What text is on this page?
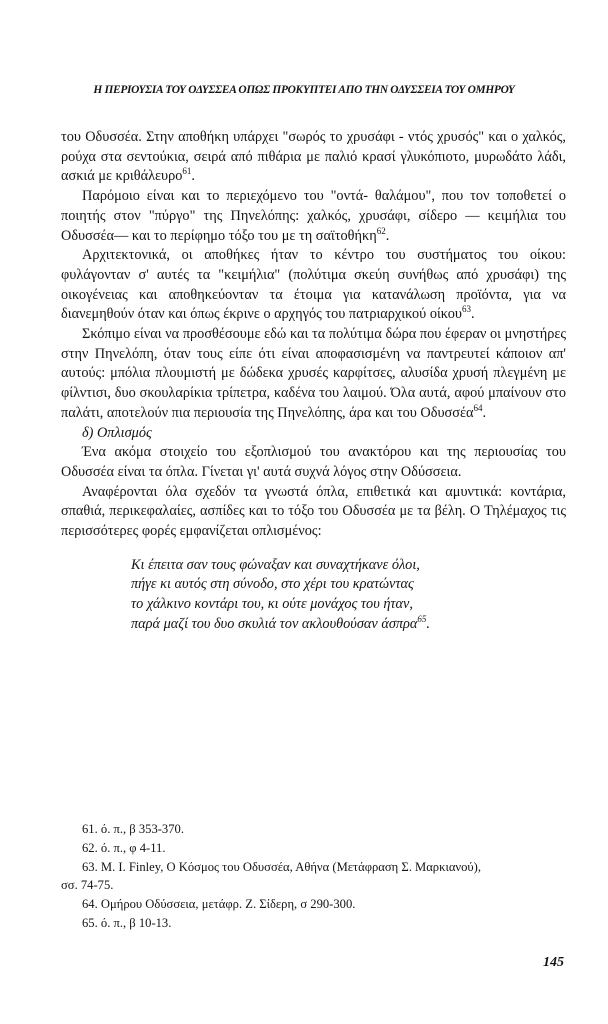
Η ΠΕΡΙΟΥΣΙΑ ΤΟΥ ΟΔΥΣΣΕΑ ΟΠΩΣ ΠΡΟΚΥΠΤΕΙ ΑΠΟ ΤΗΝ ΟΔΥΣΣΕΙΑ ΤΟΥ ΟΜΗΡΟΥ

του Οδυσσέα. Στην αποθήκη υπάρχει "σωρός το χρυσάφι - ντός χρυσός" και ο χαλκός, ρούχα στα σεντούκια, σειρά από πιθάρια με παλιό κρασί γλυκόπιοτο, μυρωδάτο λάδι, ασκιά με κριθάλευρο$^{61}$.

Παρόμοιο είναι και το περιεχόμενο του "οντά- θαλάμου", που τον τοποθετεί ο ποιητής στον "πύργο" της Πηνελόπης: χαλκός, χρυσάφι, σίδερο — κειμήλια του Οδυσσέα— και το περίφημο τόξο του με τη σαϊτοθήκη$^{62}$.

Αρχιτεκτονικά, οι αποθήκες ήταν το κέντρο του συστήματος του οίκου: φυλάγονταν σ' αυτές τα "κειμήλια" (πολύτιμα σκεύη συνήθως από χρυσάφι) της οικογένειας και αποθηκεύονταν τα έτοιμα για κατανάλωση προϊόντα, για να διανεμηθούν όταν και όπως έκρινε ο αρχηγός του πατριαρχικού οίκου$^{63}$.

Σκόπιμο είναι να προσθέσουμε εδώ και τα πολύτιμα δώρα που έφεραν οι μνηστήρες στην Πηνελόπη, όταν τους είπε ότι είναι αποφασισμένη να παντρευτεί κάποιον απ' αυτούς: μπόλια πλουμιστή με δώδεκα χρυσές καρφίτσες, αλυσίδα χρυσή πλεγμένη με φίλντισι, δυο σκουλαρίκια τρίπετρα, καδένα του λαιμού. Όλα αυτά, αφού μπαίνουν στο παλάτι, αποτελούν πια περιουσία της Πηνελόπης, άρα και του Οδυσσέα$^{64}$.

δ) Οπλισμός

Ένα ακόμα στοιχείο του εξοπλισμού του ανακτόρου και της περιουσίας του Οδυσσέα είναι τα όπλα. Γίνεται γι' αυτά συχνά λόγος στην Οδύσσεια.

Αναφέρονται όλα σχεδόν τα γνωστά όπλα, επιθετικά και αμυντικά: κοντάρια, σπαθιά, περικεφαλαίες, ασπίδες και το τόξο του Οδυσσέα με τα βέλη. Ο Τηλέμαχος τις περισσότερες φορές εμφανίζεται οπλισμένος:

Κι έπειτα σαν τους φώναξαν και συναχτήκανε όλοι,
πήγε κι αυτός στη σύνοδο, στο χέρι του κρατώντας
το χάλκινο κοντάρι του, κι ούτε μονάχος του ήταν,
παρά μαζί του δυο σκυλιά τον ακλουθούσαν άσπρα$^{65}$.
61. ό. π., β 353-370.
62. ό. π., φ 4-11.
63. M. I. Finley, Ο Κόσμος του Οδυσσέα, Αθήνα (Μετάφραση Σ. Μαρκιανού),
σσ. 74-75.
64. Ομήρου Οδύσσεια, μετάφρ. Ζ. Σίδερη, σ 290-300.
65. ό. π., β 10-13.
145
